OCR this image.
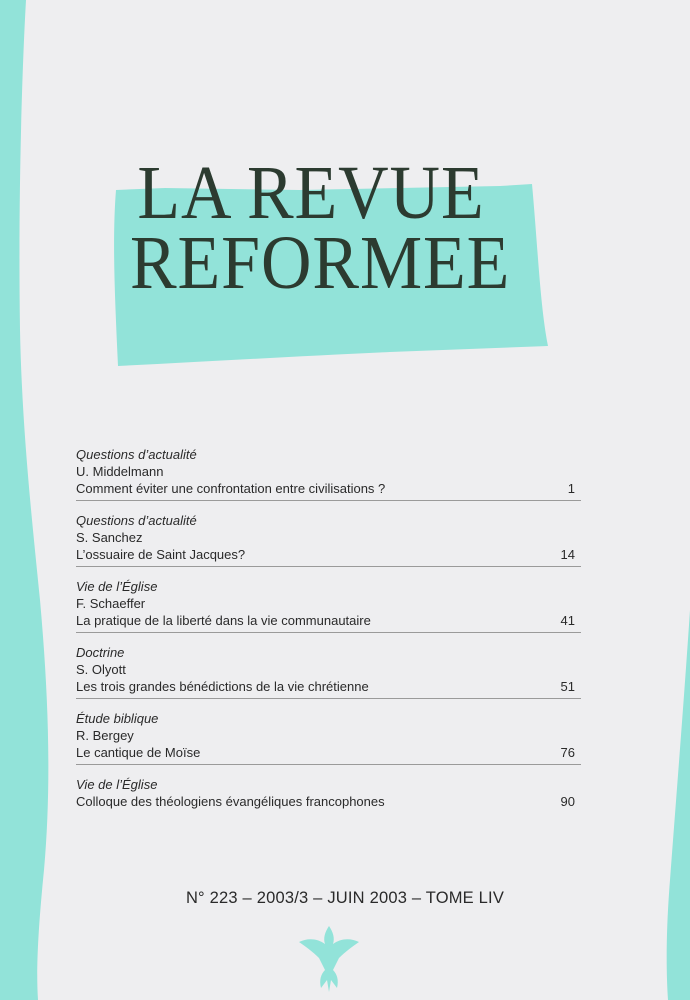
LA REVUE
REFORMEE
Questions d’actualité
U. Middelmann
Comment éviter une confrontation entre civilisations ?	1
Questions d’actualité
S. Sanchez
L’ossuaire de Saint Jacques?	14
Vie de l’Église
F. Schaeffer
La pratique de la liberté dans la vie communautaire	41
Doctrine
S. Olyott
Les trois grandes bénédictions de la vie chrétienne	51
Étude biblique
R. Bergey
Le cantique de Moïse	76
Vie de l’Église
Colloque des théologiens évangéliques francophones	90
N° 223 – 2003/3 – JUIN 2003 – TOME LIV
